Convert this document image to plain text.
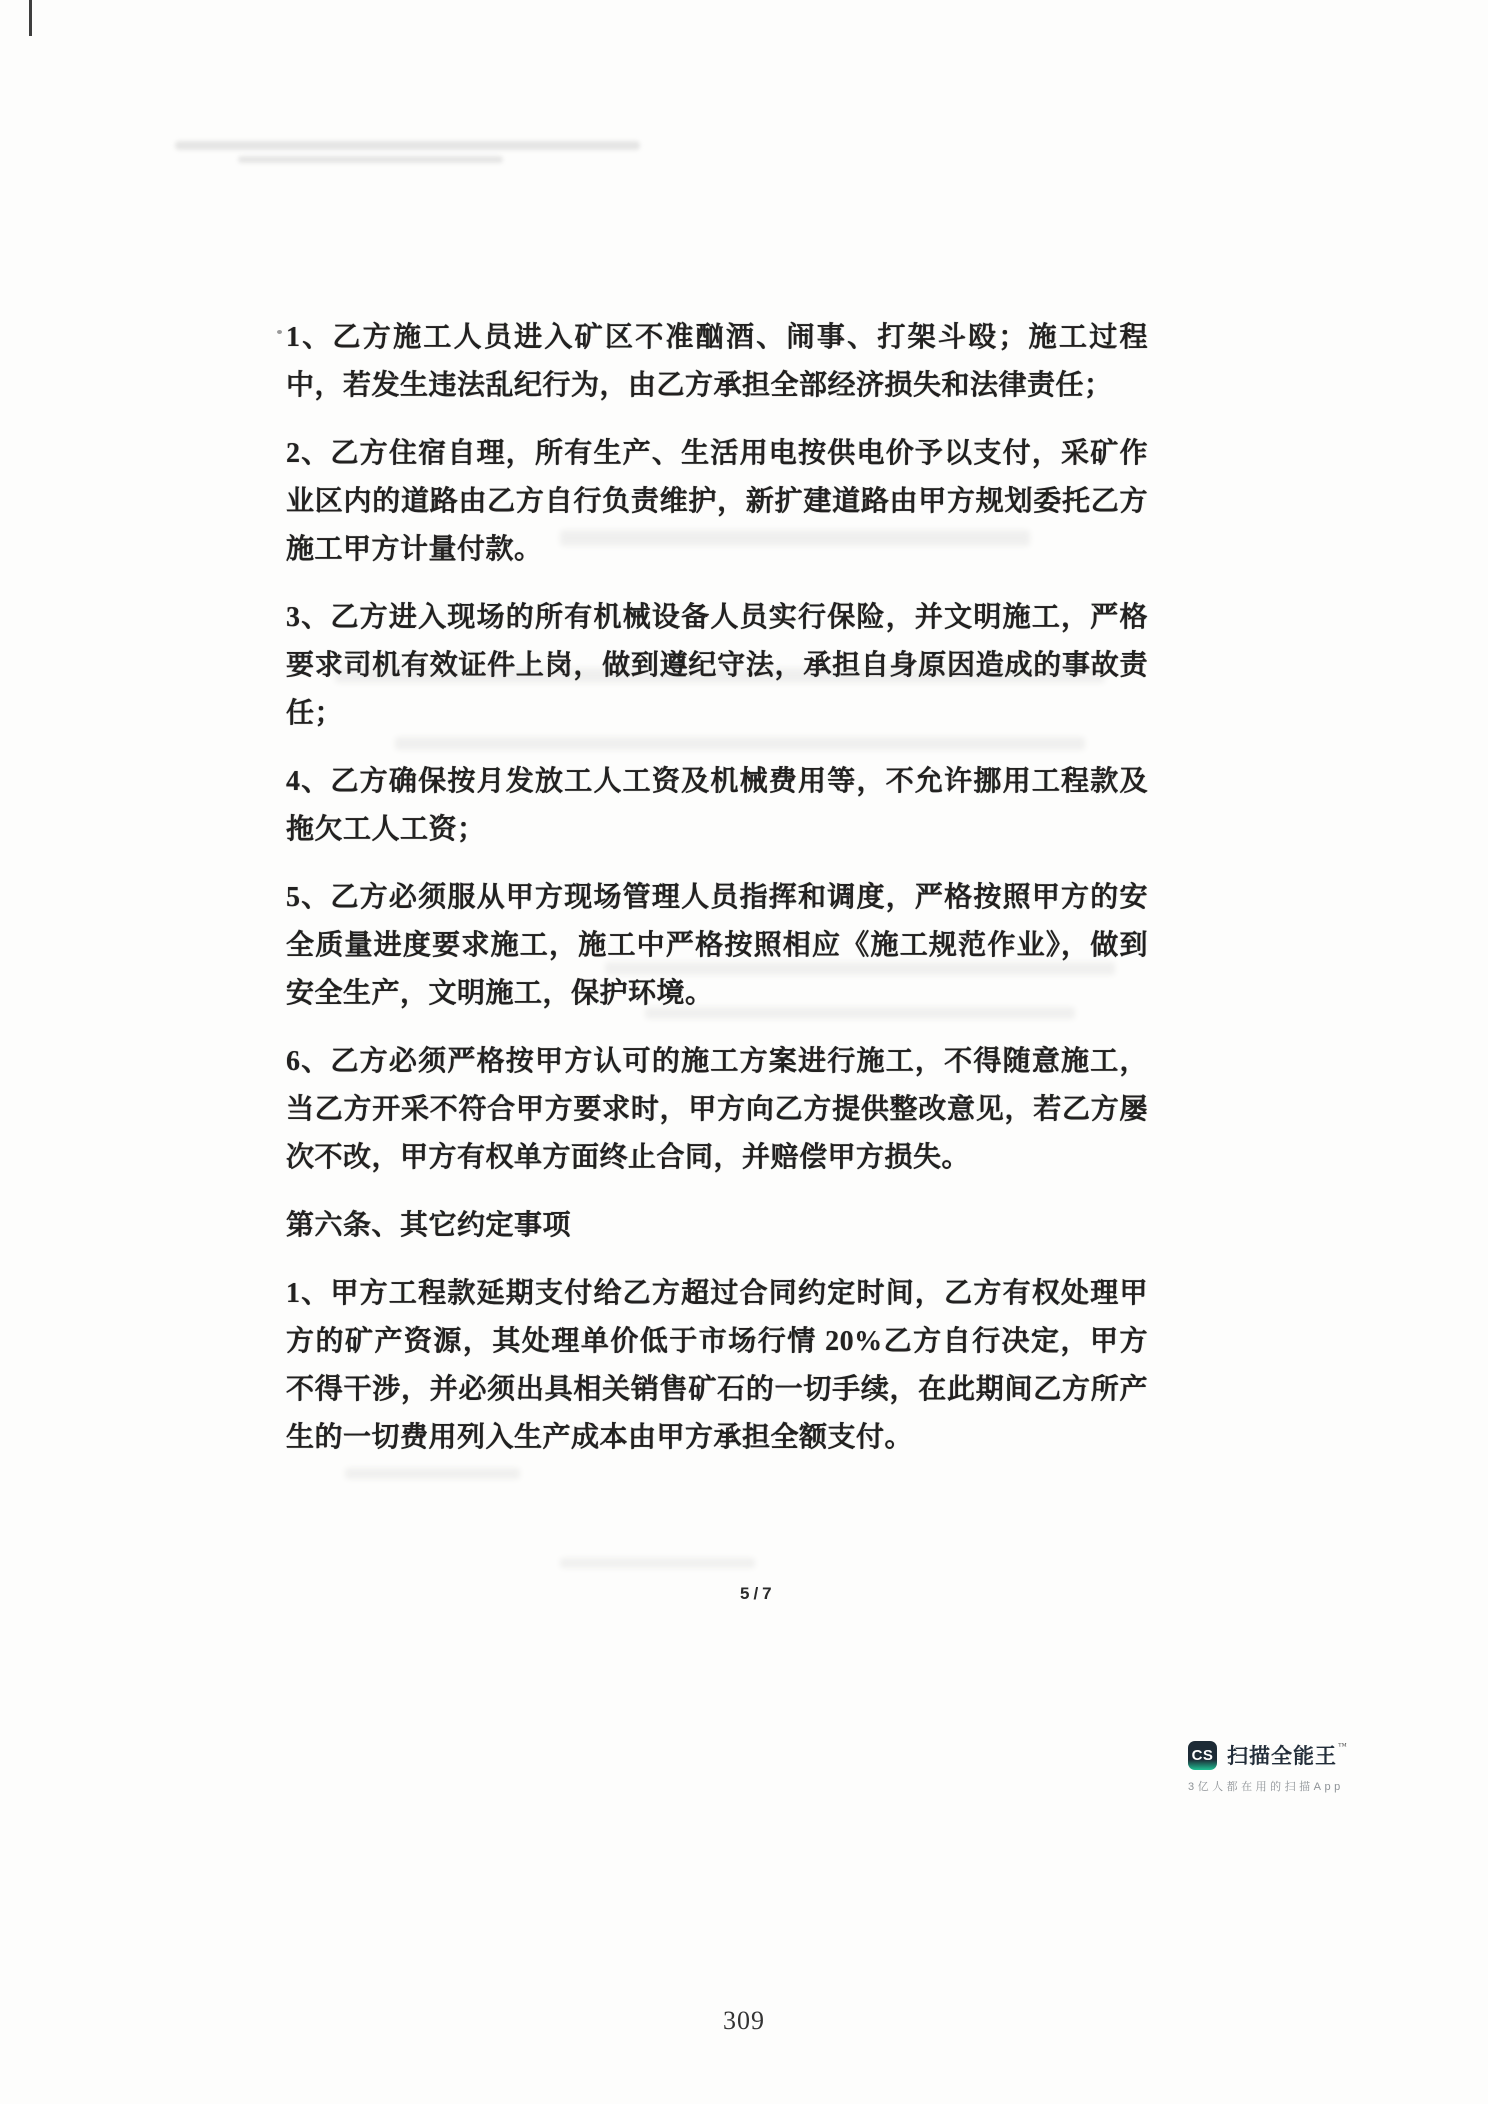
1、乙方施工人员进入矿区不准酗酒、闹事、打架斗殴；施工过程中，若发生违法乱纪行为，由乙方承担全部经济损失和法律责任；

2、乙方住宿自理，所有生产、生活用电按供电价予以支付，采矿作业区内的道路由乙方自行负责维护，新扩建道路由甲方规划委托乙方施工甲方计量付款。

3、乙方进入现场的所有机械设备人员实行保险，并文明施工，严格要求司机有效证件上岗，做到遵纪守法，承担自身原因造成的事故责任；

4、乙方确保按月发放工人工资及机械费用等，不允许挪用工程款及拖欠工人工资；

5、乙方必须服从甲方现场管理人员指挥和调度，严格按照甲方的安全质量进度要求施工，施工中严格按照相应《施工规范作业》，做到安全生产，文明施工，保护环境。

6、乙方必须严格按甲方认可的施工方案进行施工，不得随意施工，当乙方开采不符合甲方要求时，甲方向乙方提供整改意见，若乙方屡次不改，甲方有权单方面终止合同，并赔偿甲方损失。

第六条、其它约定事项

1、甲方工程款延期支付给乙方超过合同约定时间，乙方有权处理甲方的矿产资源，其处理单价低于市场行情 20%乙方自行决定，甲方不得干涉，并必须出具相关销售矿石的一切手续，在此期间乙方所产生的一切费用列入生产成本由甲方承担全额支付。

5/7
CS 扫描全能王 ™
3亿人都在用的扫描App
309
